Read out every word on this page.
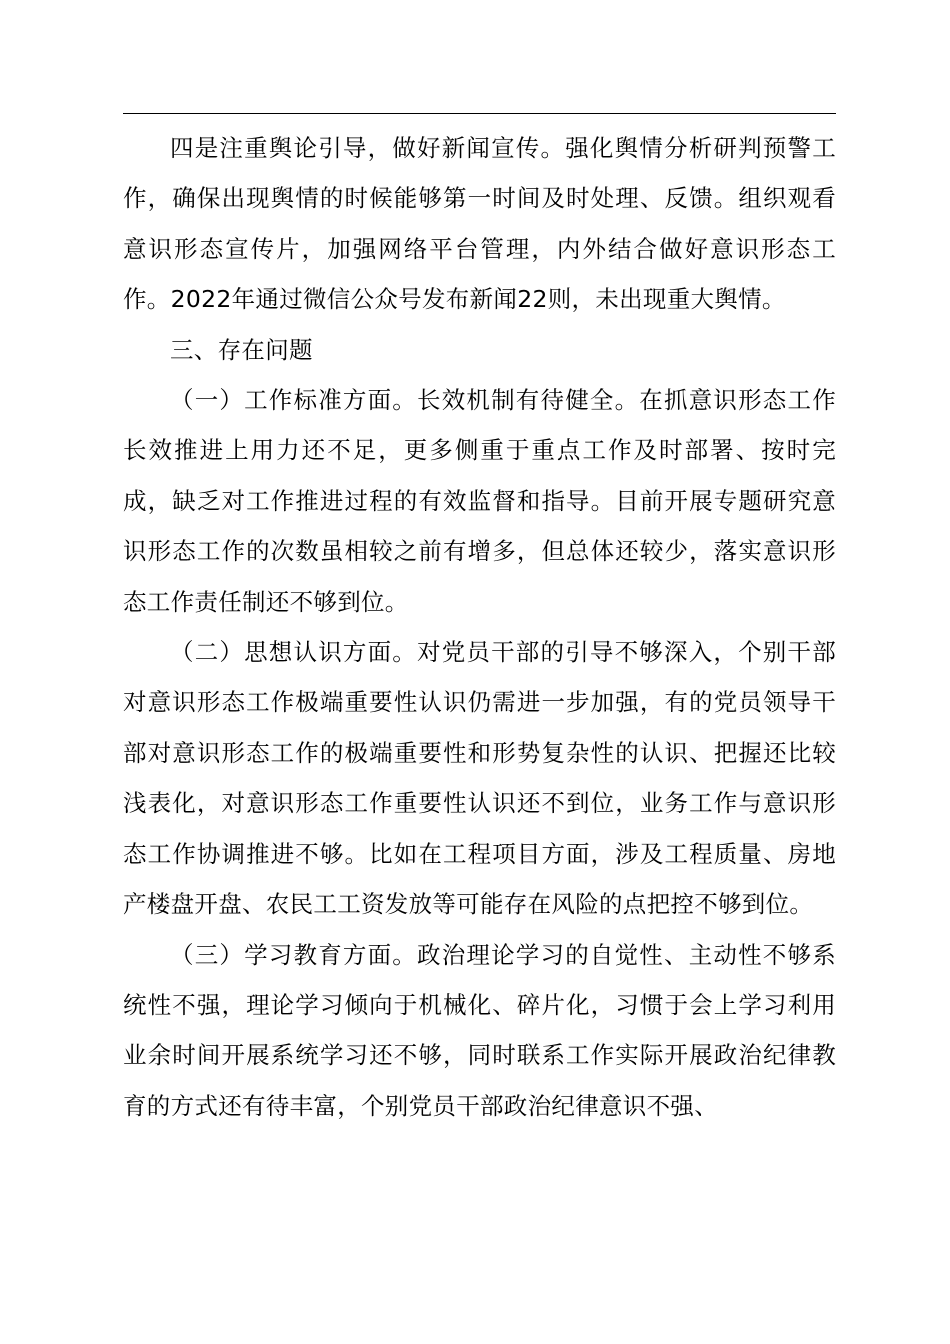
四是注重舆论引导，做好新闻宣传。强化舆情分析研判预警工作，确保出现舆情的时候能够第一时间及时处理、反馈。组织观看意识形态宣传片，加强网络平台管理，内外结合做好意识形态工作。2022年通过微信公众号发布新闻22则，未出现重大舆情。

三、存在问题

（一）工作标准方面。长效机制有待健全。在抓意识形态工作长效推进上用力还不足，更多侧重于重点工作及时部署、按时完成，缺乏对工作推进过程的有效监督和指导。目前开展专题研究意识形态工作的次数虽相较之前有增多，但总体还较少，落实意识形态工作责任制还不够到位。

（二）思想认识方面。对党员干部的引导不够深入，个别干部对意识形态工作极端重要性认识仍需进一步加强，有的党员领导干部对意识形态工作的极端重要性和形势复杂性的认识、把握还比较浅表化，对意识形态工作重要性认识还不到位，业务工作与意识形态工作协调推进不够。比如在工程项目方面，涉及工程质量、房地产楼盘开盘、农民工工资发放等可能存在风险的点把控不够到位。

（三）学习教育方面。政治理论学习的自觉性、主动性不够系统性不强，理论学习倾向于机械化、碎片化，习惯于会上学习利用业余时间开展系统学习还不够，同时联系工作实际开展政治纪律教育的方式还有待丰富，个别党员干部政治纪律意识不强、
